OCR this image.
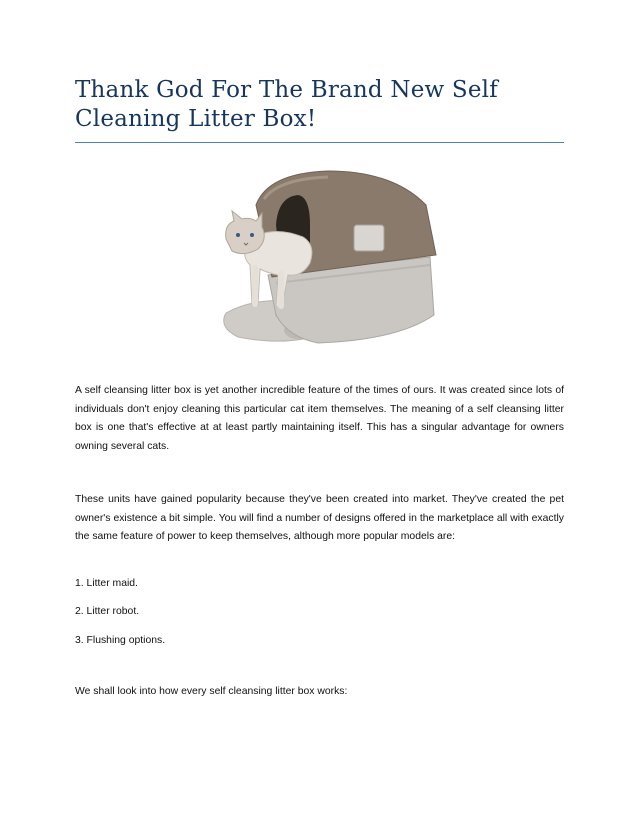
Thank God For The Brand New Self Cleaning Litter Box!

A self cleansing litter box is yet another incredible feature of the times of ours. It was created since lots of individuals don't enjoy cleaning this particular cat item themselves. The meaning of a self cleansing litter box is one that's effective at at least partly maintaining itself. This has a singular advantage for owners owning several cats.

These units have gained popularity because they've been created into market. They've created the pet owner's existence a bit simple. You will find a number of designs offered in the marketplace all with exactly the same feature of power to keep themselves, although more popular models are:

1. Litter maid.

2. Litter robot.

3. Flushing options.

We shall look into how every self cleansing litter box works:
